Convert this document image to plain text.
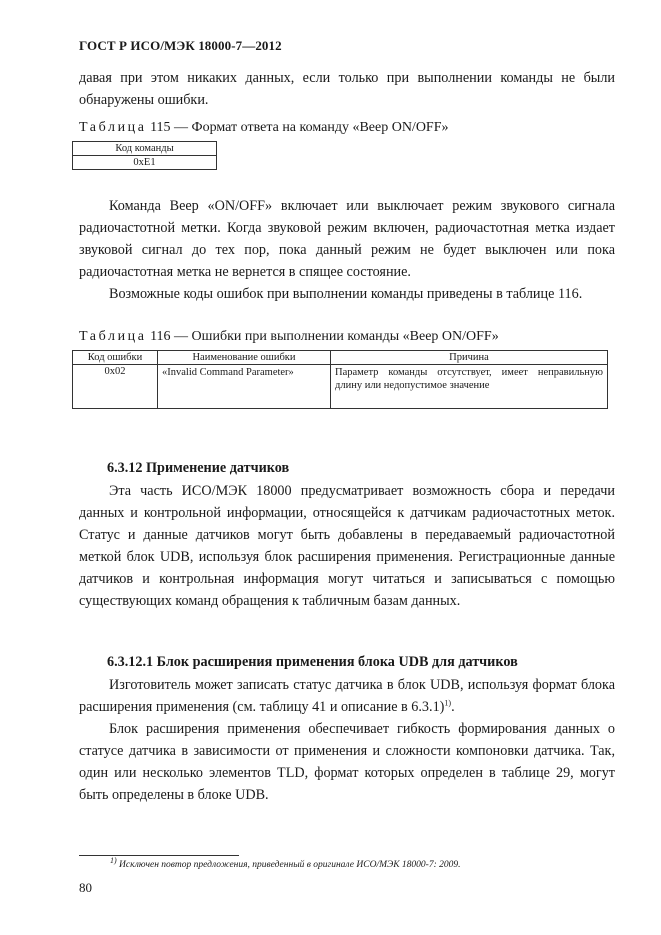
ГОСТ Р ИСО/МЭК 18000-7—2012

давая при этом никаких данных, если только при выполнении команды не были обнаружены ошибки.

Таблица 115 — Формат ответа на команду «Beep ON/OFF»
Код команды
0xE1

Команда Beep «ON/OFF» включает или выключает режим звукового сигнала радиочастотной метки. Когда звуковой режим включен, радиочастотная метка издает звуковой сигнал до тех пор, пока данный режим не будет выключен или пока радиочастотная метка не вернется в спящее состояние.

Возможные коды ошибок при выполнении команды приведены в таблице 116.

Таблица 116 — Ошибки при выполнении команды «Beep ON/OFF»
Код ошибки	Наименование ошибки	Причина
0x02	«Invalid Command Parameter»	Параметр команды отсутствует, имеет неправильную длину или недопустимое значение
6.3.12 Применение датчиков

Эта часть ИСО/МЭК 18000 предусматривает возможность сбора и передачи данных и контрольной информации, относящейся к датчикам радиочастотных меток. Статус и данные датчиков могут быть добавлены в передаваемый радиочастотной меткой блок UDB, используя блок расширения применения. Регистрационные данные датчиков и контрольная информация могут читаться и записываться с помощью существующих команд обращения к табличным базам данных.

6.3.12.1 Блок расширения применения блока UDB для датчиков

Изготовитель может записать статус датчика в блок UDB, используя формат блока расширения применения (см. таблицу 41 и описание в 6.3.1)$^{1)}$.

Блок расширения применения обеспечивает гибкость формирования данных о статусе датчика в зависимости от применения и сложности компоновки датчика. Так, один или несколько элементов TLD, формат которых определен в таблице 29, могут быть определены в блоке UDB.

$^{1)}$ Исключен повтор предложения, приведенный в оригинале ИСО/МЭК 18000-7: 2009.
80
